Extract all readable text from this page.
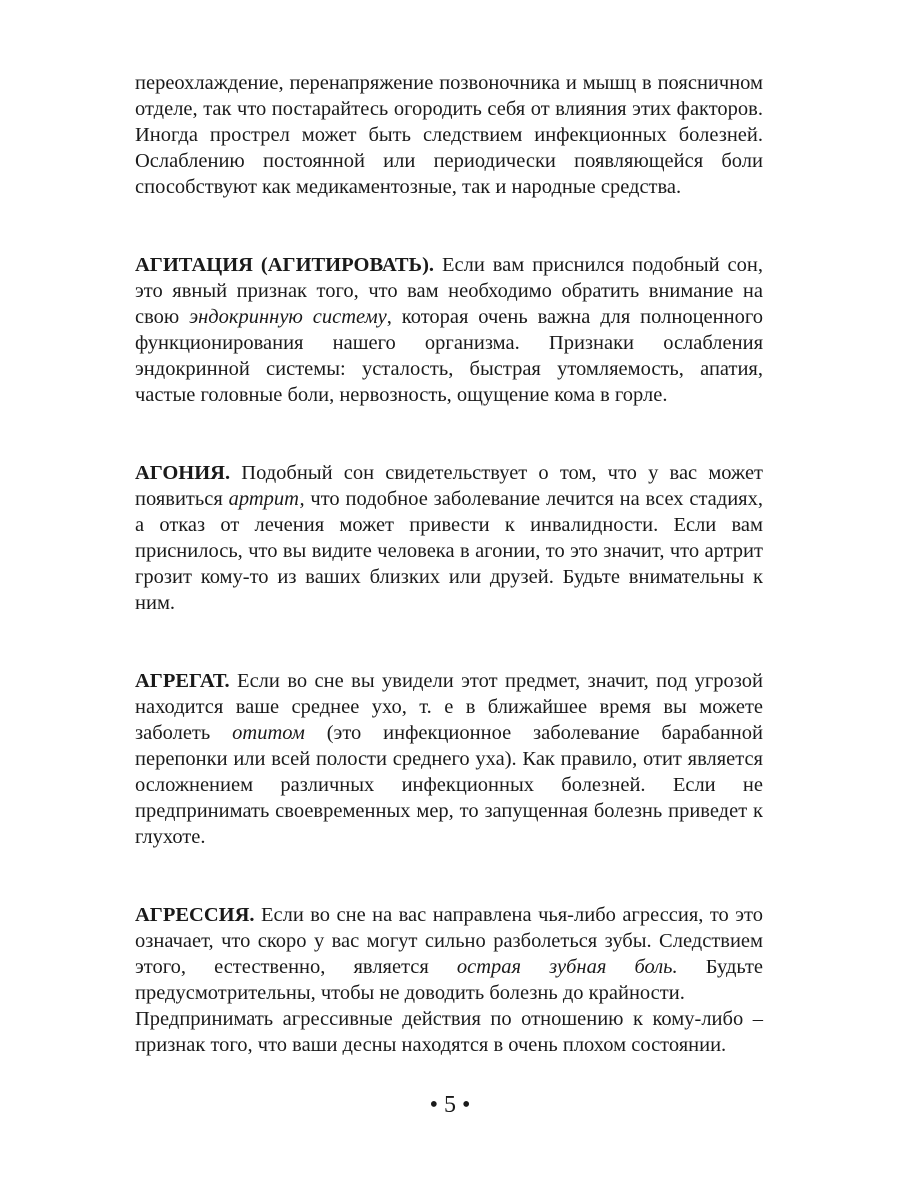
переохлаждение, перенапряжение позвоночника и мышц в поясничном отделе, так что постарайтесь огородить себя от влияния этих факторов. Иногда прострел может быть следствием инфекционных болезней. Ослаблению постоянной или периодически появляющейся боли способствуют как медикаментозные, так и народные средства.

АГИТАЦИЯ (АГИТИРОВАТЬ). Если вам приснился подобный сон, это явный признак того, что вам необходимо обратить внимание на свою эндокринную систему, которая очень важна для полноценного функционирования нашего организма. Признаки ослабления эндокринной системы: усталость, быстрая утомляемость, апатия, частые головные боли, нервозность, ощущение кома в горле.

АГОНИЯ. Подобный сон свидетельствует о том, что у вас может появиться артрит, что подобное заболевание лечится на всех стадиях, а отказ от лечения может привести к инвалидности. Если вам приснилось, что вы видите человека в агонии, то это значит, что артрит грозит кому-то из ваших близких или друзей. Будьте внимательны к ним.

АГРЕГАТ. Если во сне вы увидели этот предмет, значит, под угрозой находится ваше среднее ухо, т. е в ближайшее время вы можете заболеть отитом (это инфекционное заболевание барабанной перепонки или всей полости среднего уха). Как правило, отит является осложнением различных инфекционных болезней. Если не предпринимать своевременных мер, то запущенная болезнь приведет к глухоте.

АГРЕССИЯ. Если во сне на вас направлена чья-либо агрессия, то это означает, что скоро у вас могут сильно разболеться зубы. Следствием этого, естественно, является острая зубная боль. Будьте предусмотрительны, чтобы не доводить болезнь до крайности.

Предпринимать агрессивные действия по отношению к кому-либо – признак того, что ваши десны находятся в очень плохом состоянии.

• 5 •
